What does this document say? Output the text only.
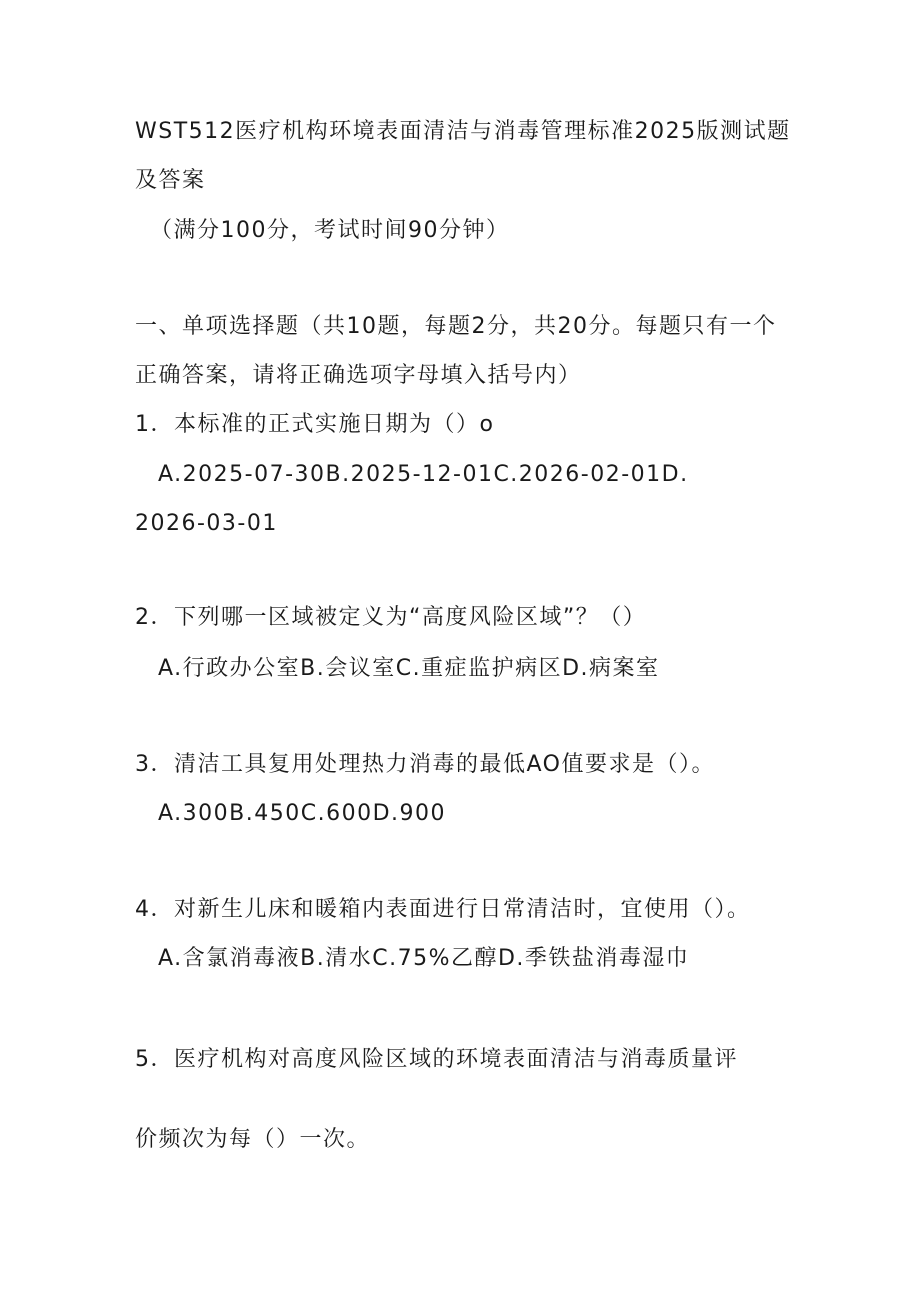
WST512医疗机构环境表面清洁与消毒管理标准2025版测试题
及答案
（满分100分，考试时间90分钟）
一、单项选择题（共10题，每题2分，共20分。每题只有一个
正确答案，请将正确选项字母填入括号内）
1．本标准的正式实施日期为（）o
A.2025-07-30B.2025-12-01C.2026-02-01D.
2026-03-01
2．下列哪一区域被定义为“高度风险区域”？（）
A.行政办公室B.会议室C.重症监护病区D.病案室
3．清洁工具复用处理热力消毒的最低AO值要求是（）。
A.300B.450C.600D.900
4．对新生儿床和暖箱内表面进行日常清洁时，宜使用（）。
A.含氯消毒液B.清水C.75%乙醇D.季铁盐消毒湿巾
5．医疗机构对高度风险区域的环境表面清洁与消毒质量评
价频次为每（）一次。
